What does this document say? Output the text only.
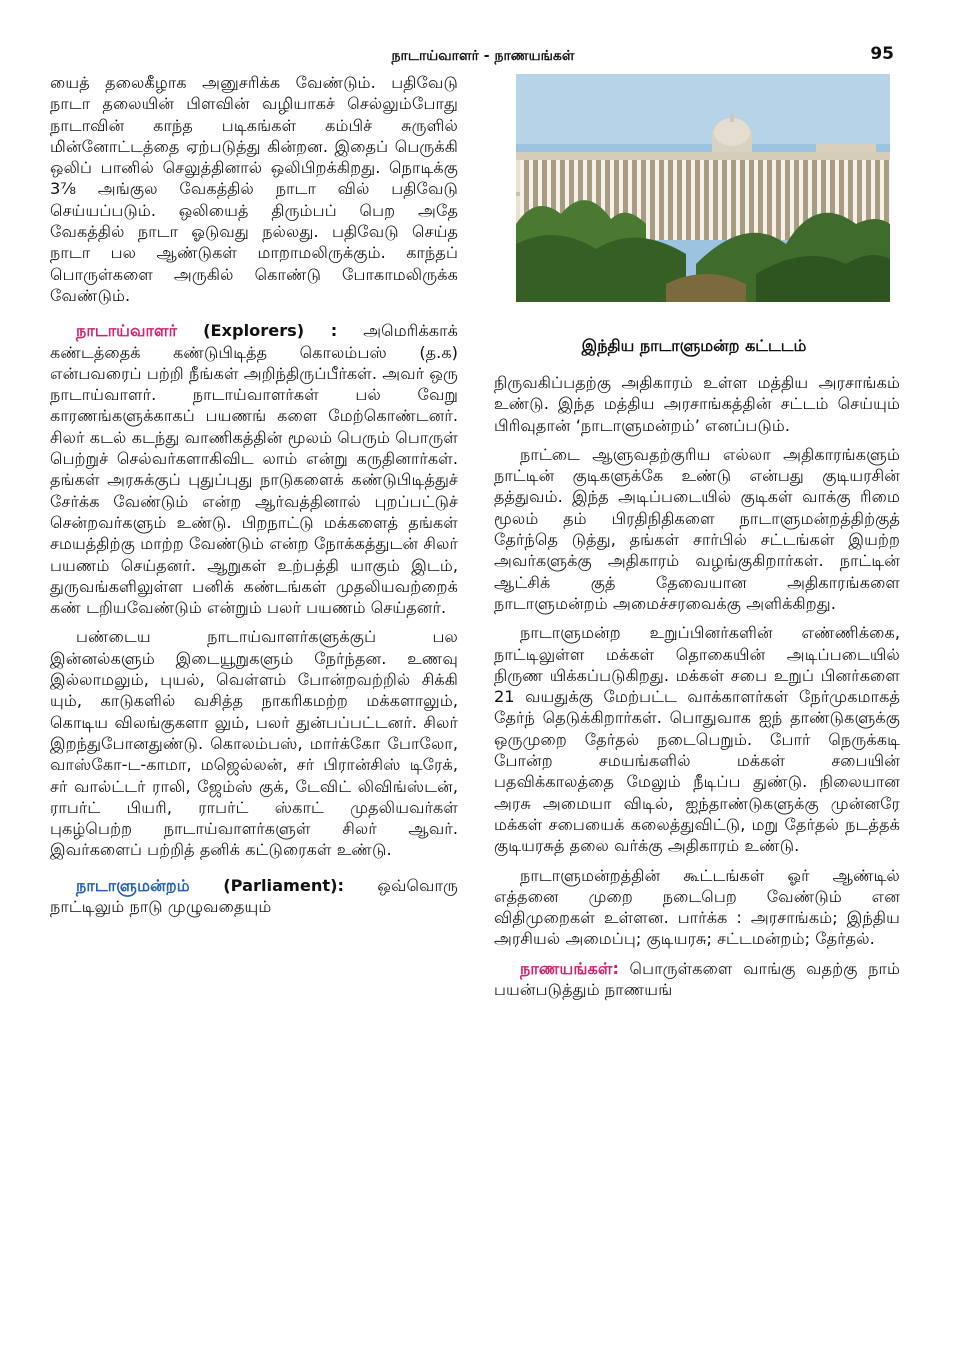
நாடாய்வாளர் - நாணயங்கள்	95

யைத் தலைகீழாக அனுசரிக்க வேண்டும். பதிவேடு நாடா தலையின் பிளவின் வழியாகச் செல்லும்போது நாடாவின் காந்த படிகங்கள் கம்பிச் சுருளில் மின்னோட்டத்தை ஏற்படுத்து கின்றன. இதைப் பெருக்கி ஒலிப் பானில் செலுத்தினால் ஒலிபிறக்கிறது. நொடிக்கு 3⅞ அங்குல வேகத்தில் நாடா வில் பதிவேடு செய்யப்படும். ஒலியைத் திரும்பப் பெற அதே வேகத்தில் நாடா ஓடுவது நல்லது. பதிவேடு செய்த நாடா பல ஆண்டுகள் மாறாமலிருக்கும். காந்தப் பொருள்களை அருகில் கொண்டு போகாமலிருக்க வேண்டும்.

நாடாய்வாளர் (Explorers) : அமெரிக்காக் கண்டத்தைக் கண்டுபிடித்த கொலம்பஸ் (த.க) என்பவரைப் பற்றி நீங்கள் அறிந்திருப்பீர்கள். அவர் ஒரு நாடாய்வாளர். நாடாய்வாளர்கள் பல் வேறு காரணங்களுக்காகப் பயணங் களை மேற்கொண்டனர். சிலர் கடல் கடந்து வாணிகத்தின் மூலம் பெரும் பொருள் பெற்றுச் செல்வர்களாகிவிட லாம் என்று கருதினார்கள். தங்கள் அரசுக்குப் புதுப்புது நாடுகளைக் கண்டுபிடித்துச் சேர்க்க வேண்டும் என்ற ஆர்வத்தினால் புறப்பட்டுச் சென்றவர்களும் உண்டு. பிறநாட்டு மக்களைத் தங்கள் சமயத்திற்கு மாற்ற வேண்டும் என்ற நோக்கத்துடன் சிலர் பயணம் செய்தனர். ஆறுகள் உற்பத்தி யாகும் இடம், துருவங்களிலுள்ள பனிக் கண்டங்கள் முதலியவற்றைக் கண் டறியவேண்டும் என்றும் பலர் பயணம் செய்தனர்.

பண்டைய நாடாய்வாளர்களுக்குப் பல இன்னல்களும் இடையூறுகளும் நேர்ந்தன. உணவு இல்லாமலும், புயல், வெள்ளம் போன்றவற்றில் சிக்கி யும், காடுகளில் வசித்த நாகரிகமற்ற மக்களாலும், கொடிய விலங்குகளா லும், பலர் துன்பப்பட்டனர். சிலர் இறந்துபோனதுண்டு. கொலம்பஸ், மார்க்கோ போலோ, வாஸ்கோ-ட-காமா, மஜெல்லன், சர் பிரான்சிஸ் டிரேக், சர் வால்ட்டர் ராலி, ஜேம்ஸ் குக், டேவிட் லிவிங்ஸ்டன், ராபர்ட் பியரி, ராபர்ட் ஸ்காட் முதலியவர்கள் புகழ்பெற்ற நாடாய்வாளர்களுள் சிலர் ஆவர். இவர்களைப் பற்றித் தனிக் கட்டுரைகள் உண்டு.

நாடாளுமன்றம் (Parliament): ஒவ்வொரு நாட்டிலும் நாடு முழுவதையும்

இந்திய நாடாளுமன்ற கட்டடம்

நிருவகிப்பதற்கு அதிகாரம் உள்ள மத்திய அரசாங்கம் உண்டு. இந்த மத்திய அரசாங்கத்தின் சட்டம் செய்யும் பிரிவுதான் ‘நாடாளுமன்றம்’ எனப்படும்.

நாட்டை ஆளுவதற்குரிய எல்லா அதிகாரங்களும் நாட்டின் குடிகளுக்கே உண்டு என்பது குடியரசின் தத்துவம். இந்த அடிப்படையில் குடிகள் வாக்கு ரிமை மூலம் தம் பிரதிநிதிகளை நாடாளுமன்றத்திற்குத் தேர்ந்தெ டுத்து, தங்கள் சார்பில் சட்டங்கள் இயற்ற அவர்களுக்கு அதிகாரம் வழங்குகிறார்கள். நாட்டின் ஆட்சிக் குத் தேவையான அதிகாரங்களை நாடாளுமன்றம் அமைச்சரவைக்கு அளிக்கிறது.

நாடாளுமன்ற உறுப்பினர்களின் எண்ணிக்கை, நாட்டிலுள்ள மக்கள் தொகையின் அடிப்படையில் நிருண யிக்கப்படுகிறது. மக்கள் சபை உறுப் பினர்களை 21 வயதுக்கு மேற்பட்ட வாக்காளர்கள் நேர்முகமாகத் தேர்ந் தெடுக்கிறார்கள். பொதுவாக ஐந் தாண்டுகளுக்கு ஒருமுறை தேர்தல் நடைபெறும். போர் நெருக்கடி போன்ற சமயங்களில் மக்கள் சபையின் பதவிக்காலத்தை மேலும் நீடிப்ப துண்டு. நிலையான அரசு அமையா விடில், ஐந்தாண்டுகளுக்கு முன்னரே மக்கள் சபையைக் கலைத்துவிட்டு, மறு தேர்தல் நடத்தக் குடியரசுத் தலை வர்க்கு அதிகாரம் உண்டு.

நாடாளுமன்றத்தின் கூட்டங்கள் ஓர் ஆண்டில் எத்தனை முறை நடைபெற வேண்டும் என விதிமுறைகள் உள்ளன. பார்க்க : அரசாங்கம்; இந்திய அரசியல் அமைப்பு; குடியரசு; சட்டமன்றம்; தேர்தல்.

நாணயங்கள்: பொருள்களை வாங்கு வதற்கு நாம் பயன்படுத்தும் நாணயங்
